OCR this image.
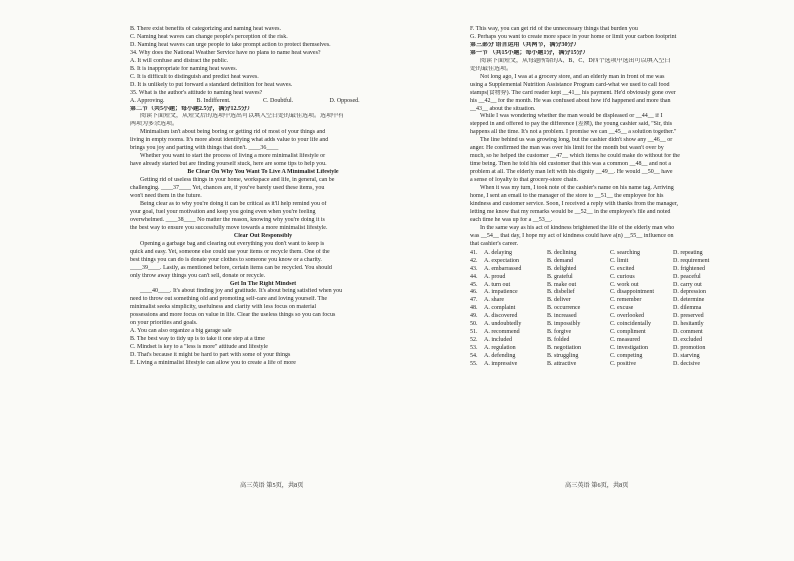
B. There exist benefits of categorizing and naming heat waves.
C. Naming heat waves can change people's perception of the risk.
D. Naming heat waves can urge people to take prompt action to protect themselves.
34. Why does the National Weather Service have no plans to name heat waves?
A. It will confuse and distract the public.
B. It is inappropriate for naming heat waves.
C. It is difficult to distinguish and predict heat waves.
D. It is unlikely to put forward a standard definition for heat waves.
35. What is the author's attitude to naming heat waves?
A. Approving.	B. Indifferent.	C. Doubtful.	D. Opposed.
第二节（共5小题；每小题2.5分，满分12.5分）
阅读下面短文，从短文后的选项中选出可以填入空白处的最佳选项。选项中有
两项为多余选项。
Minimalism isn't about being boring or getting rid of most of your things and
living in empty rooms. It's more about identifying what adds value to your life and
brings you joy and parting with things that don't. ____36____
Whether you want to start the process of living a more minimalist lifestyle or
have already started but are finding yourself stuck, here are some tips to help you.
Be Clear On Why You Want To Live A Minimalist Lifestyle
Getting rid of useless things in your home, workspace and life, in general, can be
challenging. ____37____ Yet, chances are, if you've barely used these items, you
won't need them in the future.
Being clear as to why you're doing it can be critical as it'll help remind you of
your goal, fuel your motivation and keep you going even when you're feeling
overwhelmed. ____38____ No matter the reason, knowing why you're doing it is
the best way to ensure you successfully move towards a more minimalist lifestyle.
Clear Out Responsibly
Opening a garbage bag and clearing out everything you don't want to keep is
quick and easy. Yet, someone else could use your items or recycle them. One of the
best things you can do is donate your clothes to someone you know or a charity.
____39____. Lastly, as mentioned before, certain items can be recycled. You should
only throw away things you can't sell, donate or recycle.
Get In The Right Mindset
____40____. It's about finding joy and gratitude. It's about being satisfied when you
need to throw out something old and promoting self-care and loving yourself. The
minimalist seeks simplicity, usefulness and clarity with less focus on material
possessions and more focus on value in life. Clear the useless things so you can focus
on your priorities and goals.
A. You can also organize a big garage sale
B. The best way to tidy up is to take it one step at a time
C. Mindset is key to a "less is more" attitude and lifestyle
D. That's because it might be hard to part with some of your things
E. Living a minimalist lifestyle can allow you to create a life of more
高三英语 第5页，共8页
F. This way, you can get rid of the unnecessary things that burden you
G. Perhaps you want to create more space in your home or limit your carbon footprint
第三部分 语言运用（共两节，满分30分）
第一节 （共15小题；每小题1分，满分15分）
阅读下面短文，从每题所给的A、B、C、D四个选项中选出可以填入空白
处的最佳选项。
Not long ago, I was at a grocery store, and an elderly man in front of me was
using a Supplemental Nutrition Assistance Program card-what we used to call food
stamps(食物券). The card reader kept __41__ his payment. He'd obviously gone over
his __42__ for the month. He was confused about how it'd happened and more than
__43__ about the situation.
While I was wondering whether the man would be displeased or __44__ if I
stepped in and offered to pay the difference (差额), the young cashier said, "Sir, this
happens all the time. It's not a problem. I promise we can __45__ a solution together."
The line behind us was growing long, but the cashier didn't show any __46__ or
anger. He confirmed the man was over his limit for the month but wasn't over by
much, so he helped the customer __47__ which items he could make do without for the
time being. Then he told his old customer that this was a common __48__ and not a
problem at all. The elderly man left with his dignity __49__. He would __50__ have
a sense of loyalty to that grocery-store chain.
When it was my turn, I took note of the cashier's name on his name tag. Arriving
home, I sent an email to the manager of the store to __51__ the employee for his
kindness and customer service. Soon, I received a reply with thanks from the manager,
letting me know that my remarks would be __52__ in the employee's file and noted
each time he was up for a __53__.
In the same way as his act of kindness brightened the life of the elderly man who
was __54__ that day, I hope my act of kindness could have a(n) __55__ influence on
that cashier's career.
41.	A. delaying	B. declining	C. searching	D. repeating
42.	A. expectation	B. demand	C. limit	D. requirement
43.	A. embarrassed	B. delighted	C. excited	D. frightened
44.	A. proud	B. grateful	C. curious	D. peaceful
45.	A. turn out	B. make out	C. work out	D. carry out
46.	A. impatience	B. disbelief	C. disappointment	D. depression
47.	A. share	B. deliver	C. remember	D. determine
48.	A. complaint	B. occurrence	C. excuse	D. dilemma
49.	A. discovered	B. increased	C. overlooked	D. preserved
50.	A. undoubtedly	B. impossibly	C. coincidentally	D. hesitantly
51.	A. recommend	B. forgive	C. compliment	D. comment
52.	A. included	B. folded	C. measured	D. excluded
53.	A. regulation	B. negotiation	C. investigation	D. promotion
54.	A. defending	B. struggling	C. competing	D. starving
55.	A. impressive	B. attractive	C. positive	D. decisive
高三英语 第6页，共8页
